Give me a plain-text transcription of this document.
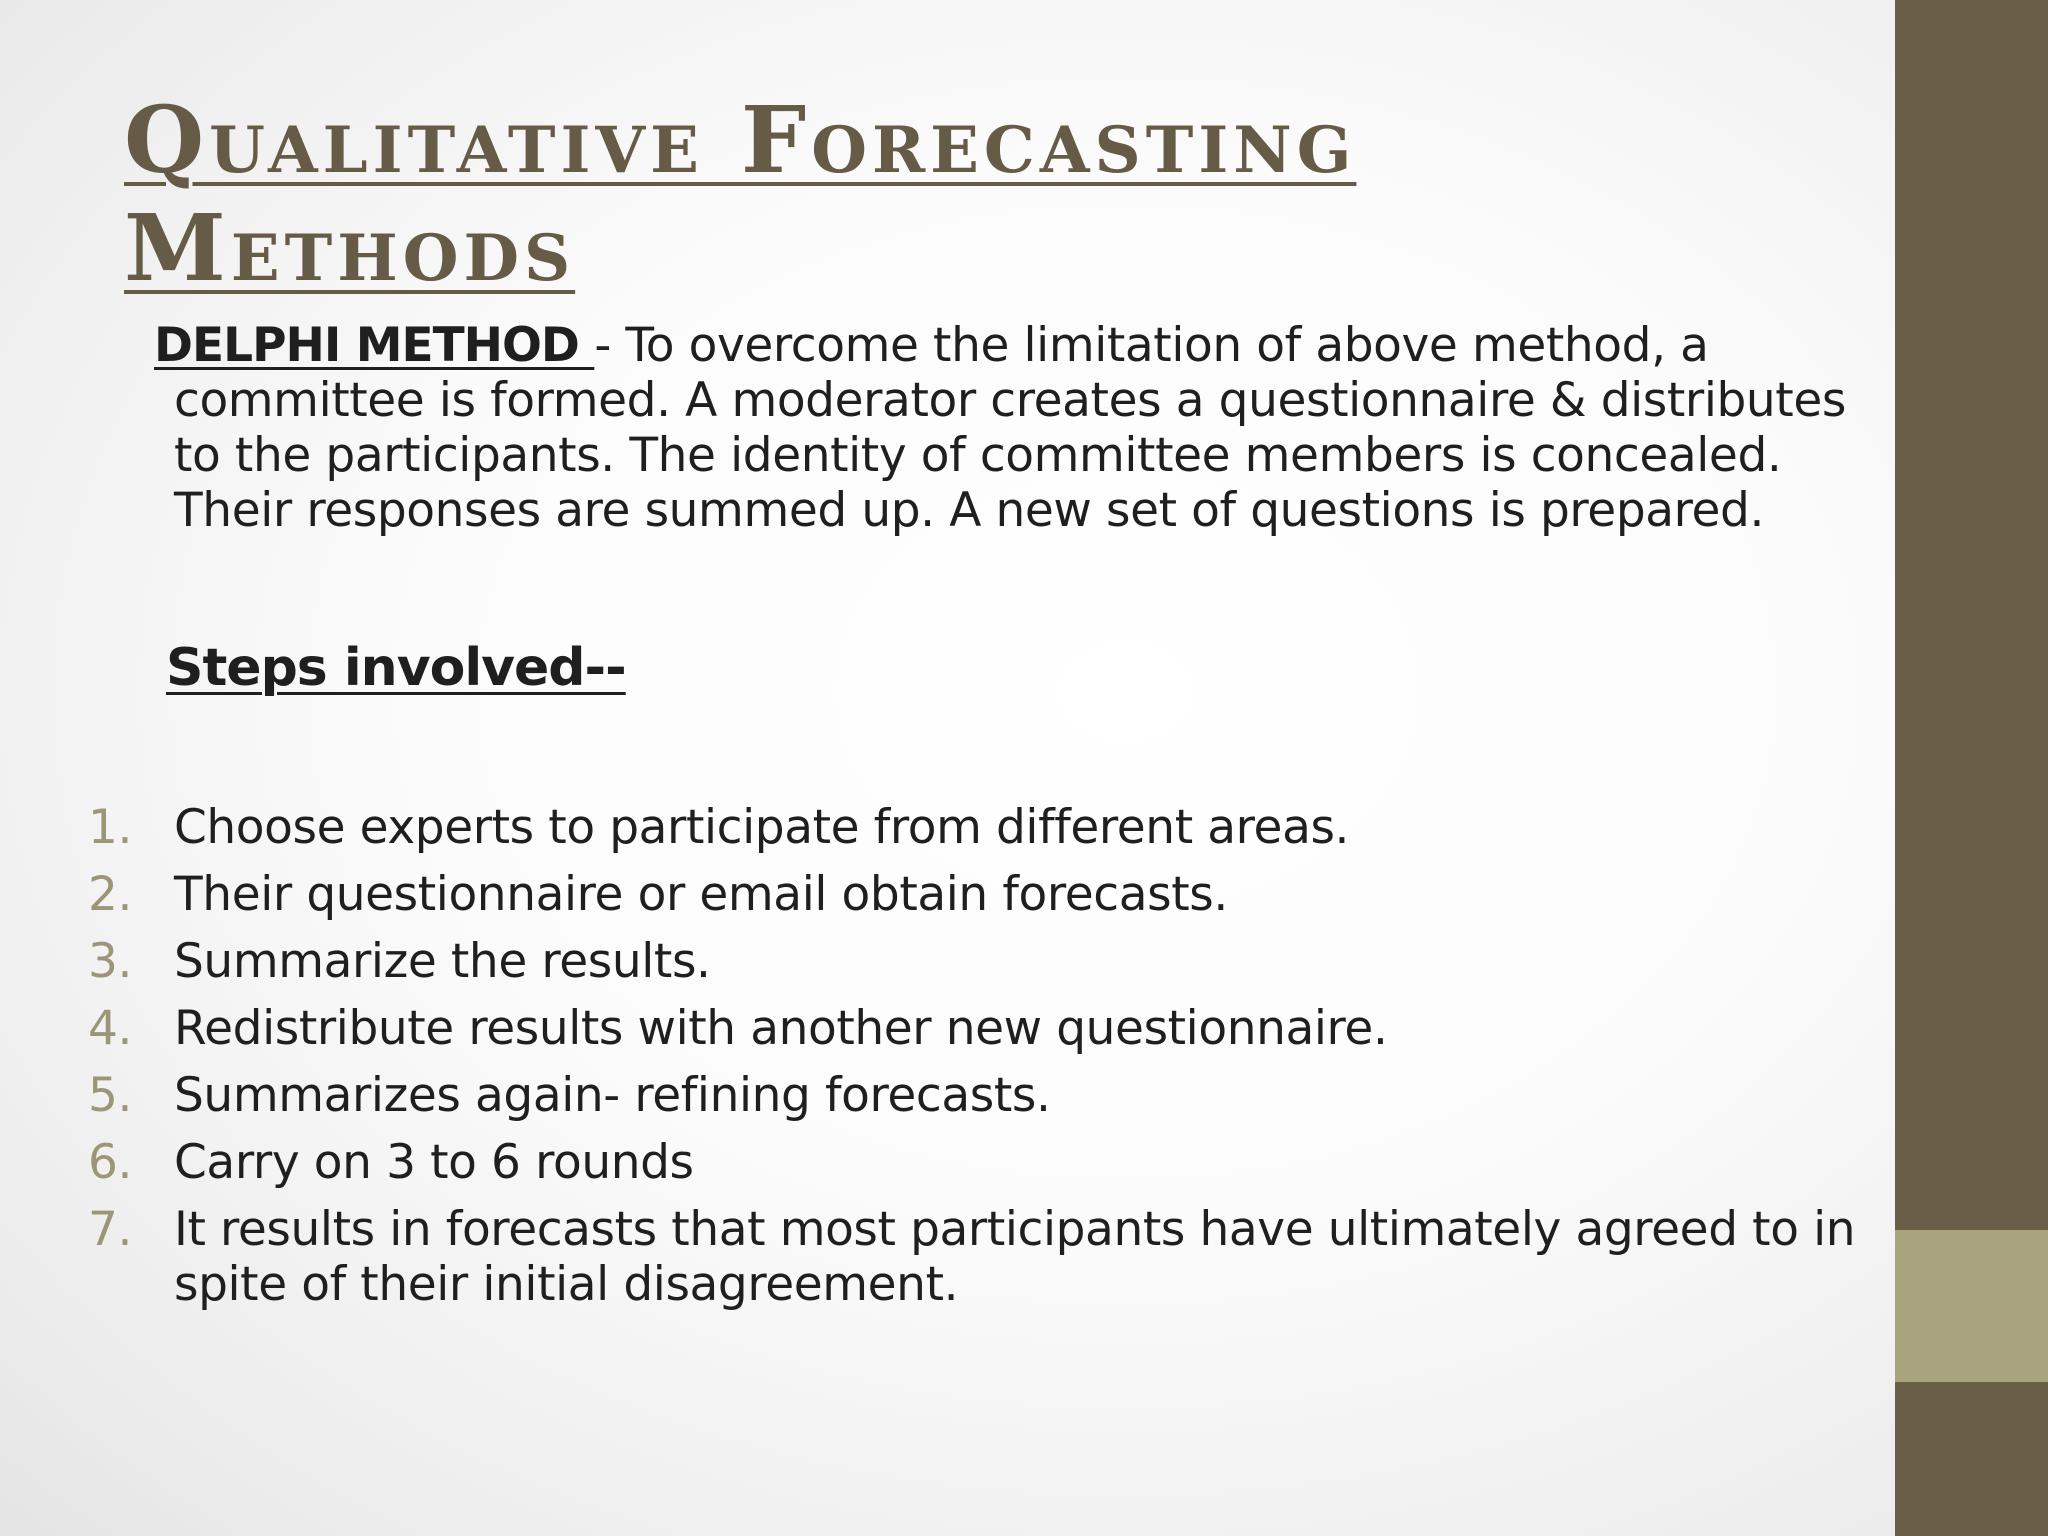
Qualitative Forecasting Methods
DELPHI METHOD - To overcome the limitation of above method, a committee is formed. A moderator creates a questionnaire & distributes to the participants. The identity of committee members is concealed. Their responses are summed up. A new set of questions is prepared.
Steps involved--
1. Choose experts to participate from different areas.
2. Their questionnaire or email obtain forecasts.
3. Summarize the results.
4. Redistribute results with another new questionnaire.
5. Summarizes again- refining forecasts.
6. Carry on 3 to 6 rounds
7. It results in forecasts that most participants have ultimately agreed to in spite of their initial disagreement.
